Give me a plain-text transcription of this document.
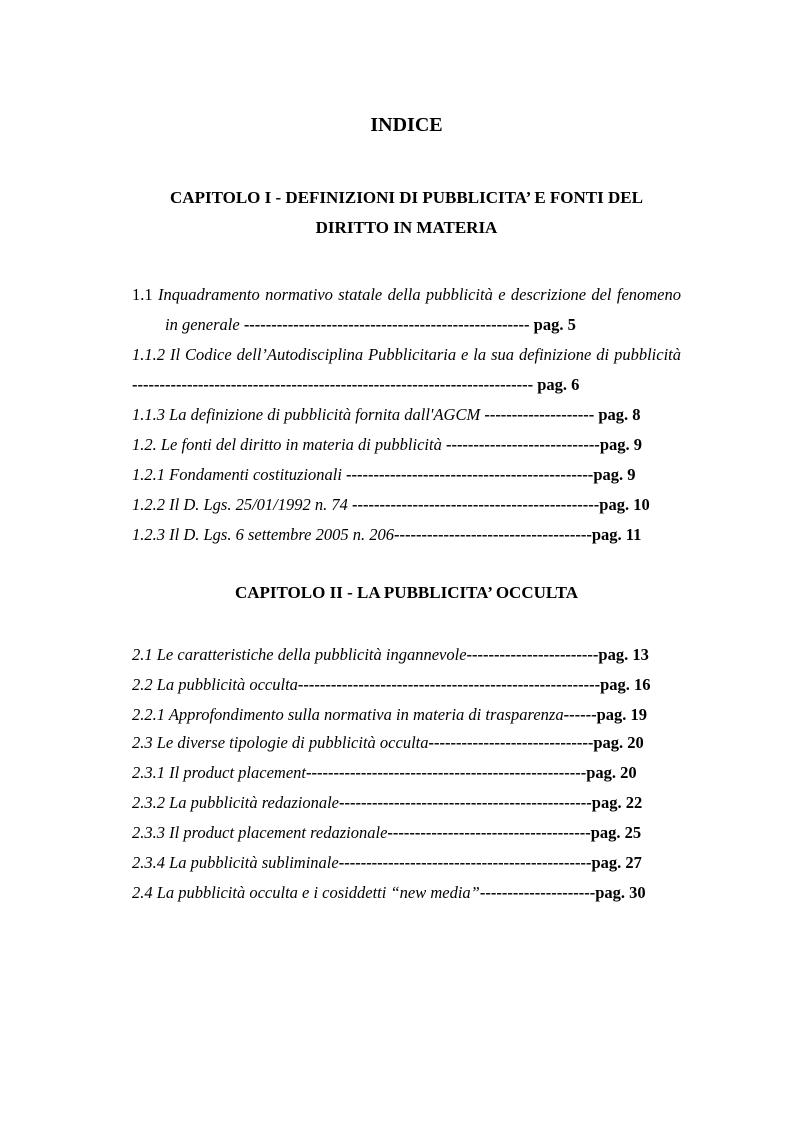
INDICE
CAPITOLO I - DEFINIZIONI DI PUBBLICITA’ E FONTI DEL
DIRITTO IN MATERIA
1.1 Inquadramento normativo statale della pubblicità e descrizione del fenomeno in generale ---------------------------------------------------- pag. 5
1.1.2 Il Codice dell’Autodisciplina Pubblicitaria e la sua definizione di pubblicità ------------------------------------------------------------------------- pag. 6
1.1.3 La definizione di pubblicità fornita dall'AGCM -------------------- pag. 8
1.2. Le fonti del diritto in materia di pubblicità ----------------------------pag. 9
1.2.1 Fondamenti costituzionali ---------------------------------------------pag. 9
1.2.2 Il D. Lgs. 25/01/1992 n. 74 ---------------------------------------------pag. 10
1.2.3 Il D. Lgs. 6 settembre 2005 n. 206------------------------------------pag. 11
CAPITOLO II - LA PUBBLICITA’ OCCULTA
2.1 Le caratteristiche della pubblicità ingannevole------------------------pag. 13
2.2 La pubblicità occulta-------------------------------------------------------pag. 16
2.2.1 Approfondimento sulla normativa in materia di trasparenza------pag. 19
2.3 Le diverse tipologie di pubblicità occulta------------------------------pag. 20
2.3.1 Il product placement---------------------------------------------------pag. 20
2.3.2 La pubblicità redazionale----------------------------------------------pag. 22
2.3.3 Il product placement redazionale-------------------------------------pag. 25
2.3.4 La pubblicità subliminale----------------------------------------------pag. 27
2.4 La pubblicità occulta e i cosiddetti “new media”---------------------pag. 30
